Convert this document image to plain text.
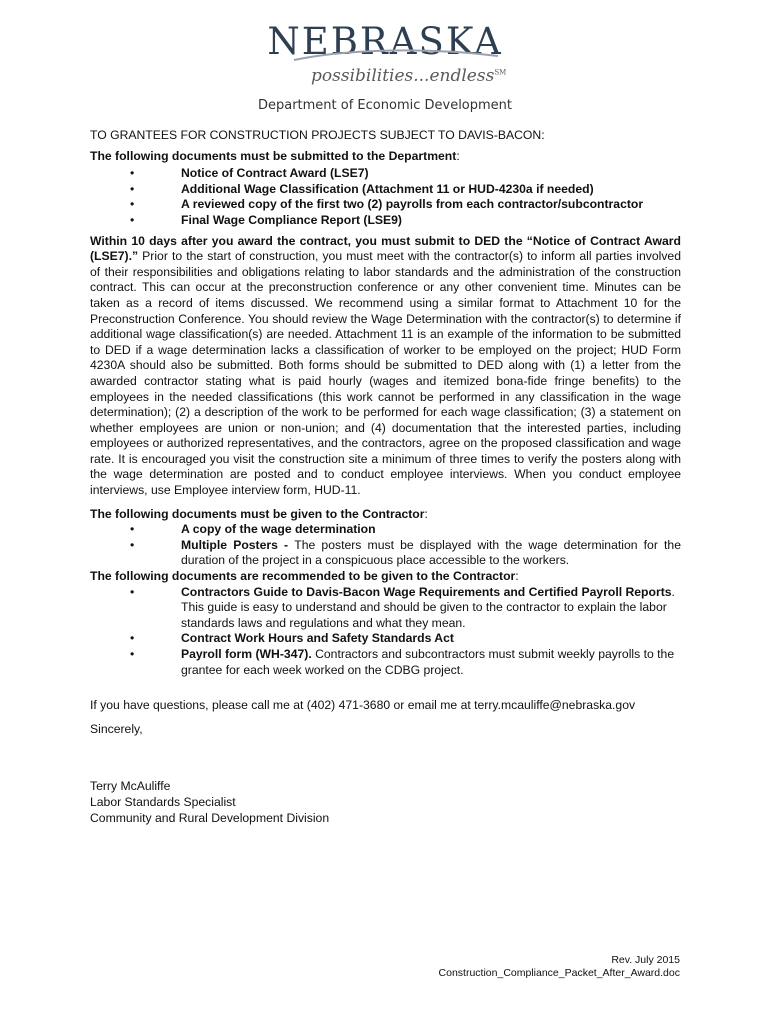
NEBRASKA
possibilities...endless℠
Department of Economic Development

TO GRANTEES FOR CONSTRUCTION PROJECTS SUBJECT TO DAVIS-BACON:

The following documents must be submitted to the Department:

•	Notice of Contract Award (LSE7)
•	Additional Wage Classification (Attachment 11 or HUD-4230a if needed)
•	A reviewed copy of the first two (2) payrolls from each contractor/subcontractor
•	Final Wage Compliance Report (LSE9)

Within 10 days after you award the contract, you must submit to DED the “Notice of Contract Award (LSE7).” Prior to the start of construction, you must meet with the contractor(s) to inform all parties involved of their responsibilities and obligations relating to labor standards and the administration of the construction contract. This can occur at the preconstruction conference or any other convenient time. Minutes can be taken as a record of items discussed. We recommend using a similar format to Attachment 10 for the Preconstruction Conference. You should review the Wage Determination with the contractor(s) to determine if additional wage classification(s) are needed. Attachment 11 is an example of the information to be submitted to DED if a wage determination lacks a classification of worker to be employed on the project; HUD Form 4230A should also be submitted. Both forms should be submitted to DED along with (1) a letter from the awarded contractor stating what is paid hourly (wages and itemized bona-fide fringe benefits) to the employees in the needed classifications (this work cannot be performed in any classification in the wage determination); (2) a description of the work to be performed for each wage classification; (3) a statement on whether employees are union or non-union; and (4) documentation that the interested parties, including employees or authorized representatives, and the contractors, agree on the proposed classification and wage rate. It is encouraged you visit the construction site a minimum of three times to verify the posters along with the wage determination are posted and to conduct employee interviews. When you conduct employee interviews, use Employee interview form, HUD-11.

The following documents must be given to the Contractor:

•	A copy of the wage determination
•	Multiple Posters - The posters must be displayed with the wage determination for the duration of the project in a conspicuous place accessible to the workers.

The following documents are recommended to be given to the Contractor:

•	Contractors Guide to Davis-Bacon Wage Requirements and Certified Payroll Reports. This guide is easy to understand and should be given to the contractor to explain the labor standards laws and regulations and what they mean.
•	Contract Work Hours and Safety Standards Act
•	Payroll form (WH-347). Contractors and subcontractors must submit weekly payrolls to the grantee for each week worked on the CDBG project.

If you have questions, please call me at (402) 471-3680 or email me at terry.mcauliffe@nebraska.gov

Sincerely,

Terry McAuliffe

Labor Standards Specialist

Community and Rural Development Division

Rev. July 2015
Construction_Compliance_Packet_After_Award.doc
